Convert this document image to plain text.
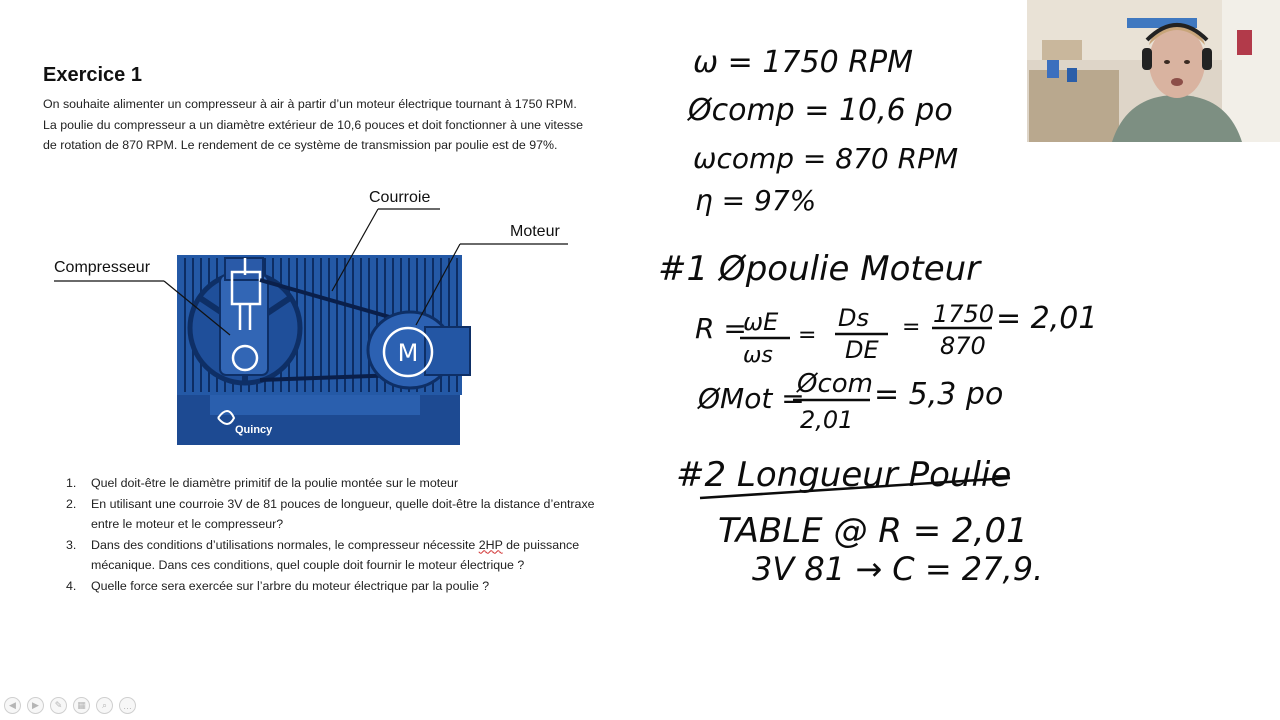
Exercice 1

On souhaite alimenter un compresseur à air à partir d’un moteur électrique tournant à 1750 RPM.

La poulie du compresseur a un diamètre extérieur de 10,6 pouces et doit fonctionner à une vitesse

de rotation de 870 RPM. Le rendement de ce système de transmission par poulie est de 97%.

M
Quincy
Courroie
Moteur
Compresseur
1. Quel doit-être le diamètre primitif de la poulie montée sur le moteur
2. En utilisant une courroie 3V de 81 pouces de longueur, quelle doit-être la distance d’entraxe
entre le moteur et le compresseur?
3. Dans des conditions d’utilisations normales, le compresseur nécessite 2HP de puissance
mécanique. Dans ces conditions, quel couple doit fournir le moteur électrique ?
4. Quelle force sera exercée sur l’arbre du moteur électrique par la poulie ?
ω = 1750 RPM
Øcomp = 10,6 po
ωcomp = 870 RPM
η = 97%
#1 Øpoulie Moteur
R =
ωE
ωs
=
Ds
DE
= 1750
870
= 2,01
ØMot =
Øcom
2,01
= 5,3 po
#2 Longueur Poulie
TABLE @ R = 2,01
3V 81 → C = 27,9.
◀	▶	✎	▦	⌕	…
